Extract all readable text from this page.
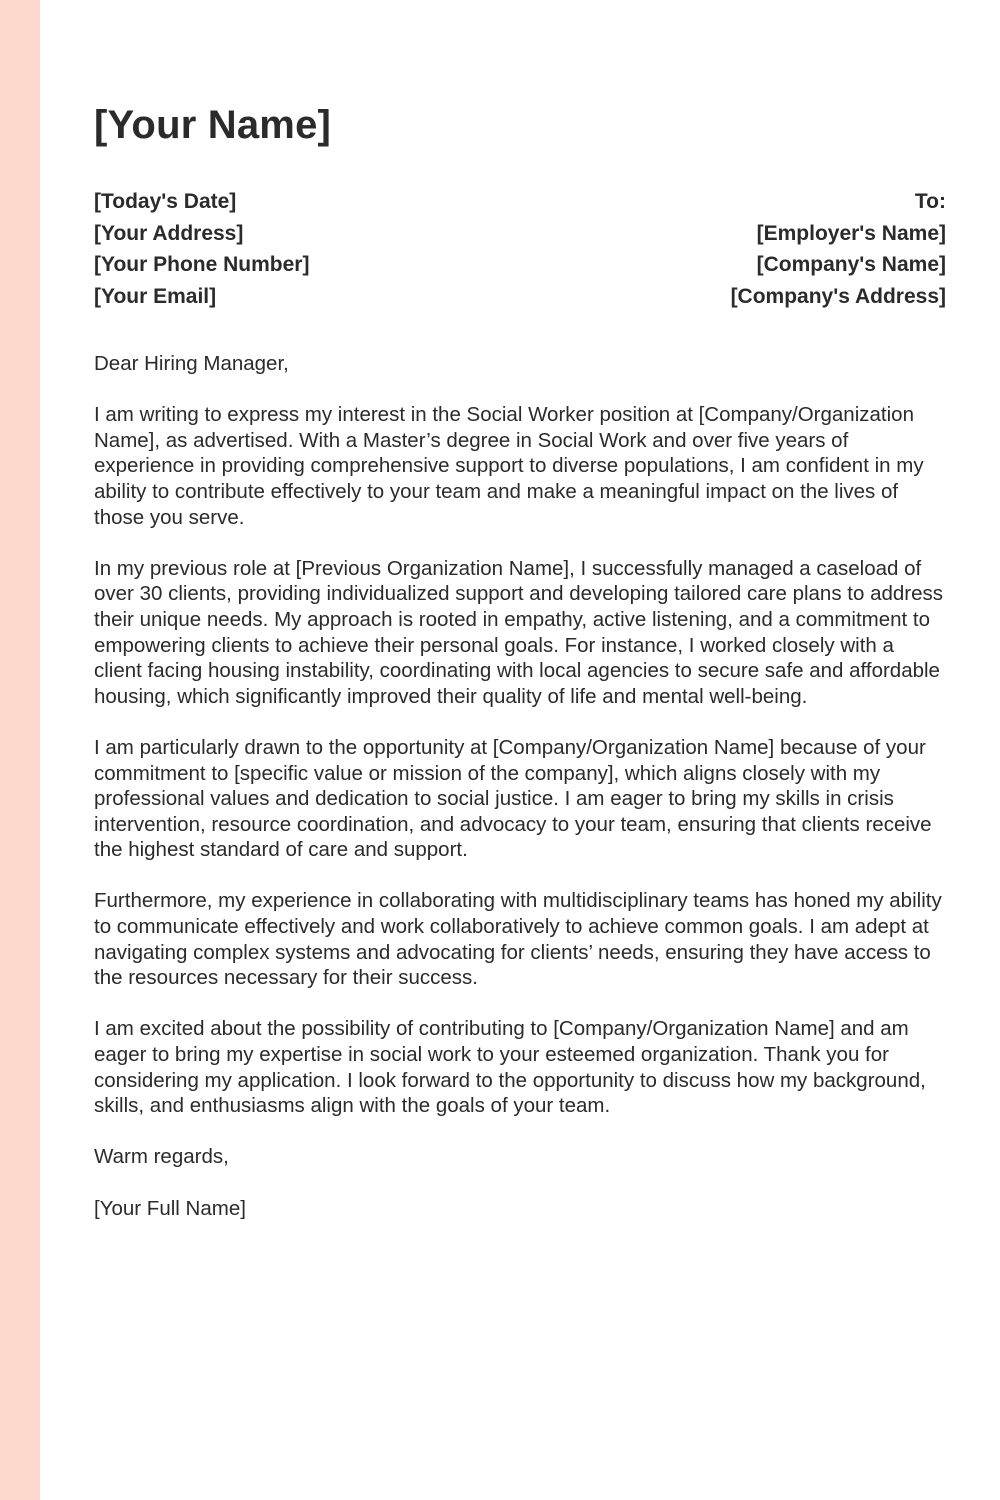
[Your Name]
[Today's Date]
[Your Address]
[Your Phone Number]
[Your Email]
To:
[Employer's Name]
[Company's Name]
[Company's Address]

Dear Hiring Manager,

I am writing to express my interest in the Social Worker position at [Company/Organization Name], as advertised. With a Master’s degree in Social Work and over five years of experience in providing comprehensive support to diverse populations, I am confident in my ability to contribute effectively to your team and make a meaningful impact on the lives of those you serve.

In my previous role at [Previous Organization Name], I successfully managed a caseload of over 30 clients, providing individualized support and developing tailored care plans to address their unique needs. My approach is rooted in empathy, active listening, and a commitment to empowering clients to achieve their personal goals. For instance, I worked closely with a client facing housing instability, coordinating with local agencies to secure safe and affordable housing, which significantly improved their quality of life and mental well-being.

I am particularly drawn to the opportunity at [Company/Organization Name] because of your commitment to [specific value or mission of the company], which aligns closely with my professional values and dedication to social justice. I am eager to bring my skills in crisis intervention, resource coordination, and advocacy to your team, ensuring that clients receive the highest standard of care and support.

Furthermore, my experience in collaborating with multidisciplinary teams has honed my ability to communicate effectively and work collaboratively to achieve common goals. I am adept at navigating complex systems and advocating for clients’ needs, ensuring they have access to the resources necessary for their success.

I am excited about the possibility of contributing to [Company/Organization Name] and am eager to bring my expertise in social work to your esteemed organization. Thank you for considering my application. I look forward to the opportunity to discuss how my background, skills, and enthusiasms align with the goals of your team.

Warm regards,

[Your Full Name]
